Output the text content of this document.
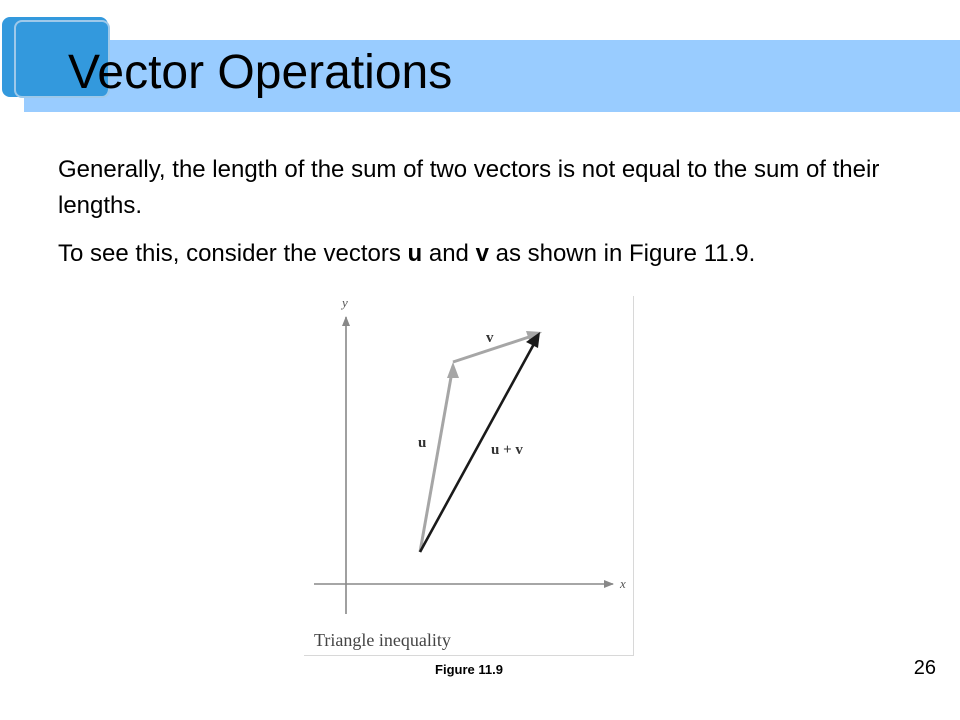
Vector Operations
Generally, the length of the sum of two vectors is not equal to the sum of their lengths.
To see this, consider the vectors u and v as shown in Figure 11.9.
x
y
u
v
u + v
Triangle inequality
Figure 11.9	26
